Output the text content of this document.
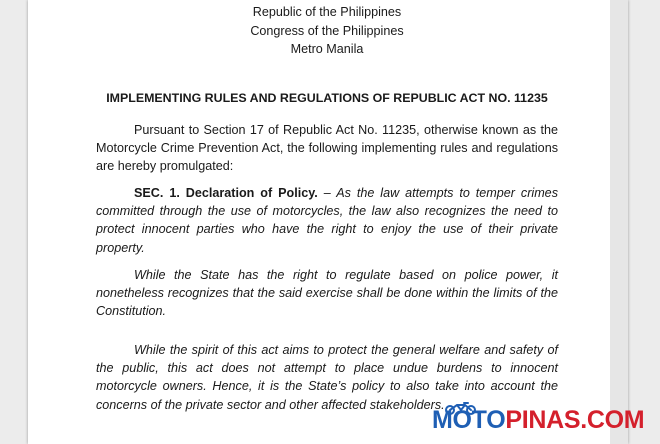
Republic of the Philippines
Congress of the Philippines
Metro Manila
IMPLEMENTING RULES AND REGULATIONS OF REPUBLIC ACT NO. 11235

Pursuant to Section 17 of Republic Act No. 11235, otherwise known as the Motorcycle Crime Prevention Act, the following implementing rules and regulations are hereby promulgated:

SEC. 1. Declaration of Policy. – As the law attempts to temper crimes committed through the use of motorcycles, the law also recognizes the need to protect innocent parties who have the right to enjoy the use of their private property.

While the State has the right to regulate based on police power, it nonetheless recognizes that the said exercise shall be done within the limits of the Constitution.

While the spirit of this act aims to protect the general welfare and safety of the public, this act does not attempt to place undue burdens to innocent motorcycle owners. Hence, it is the State’s policy to also take into account the concerns of the private sector and other affected stakeholders.

MOTOPINAS.COM
